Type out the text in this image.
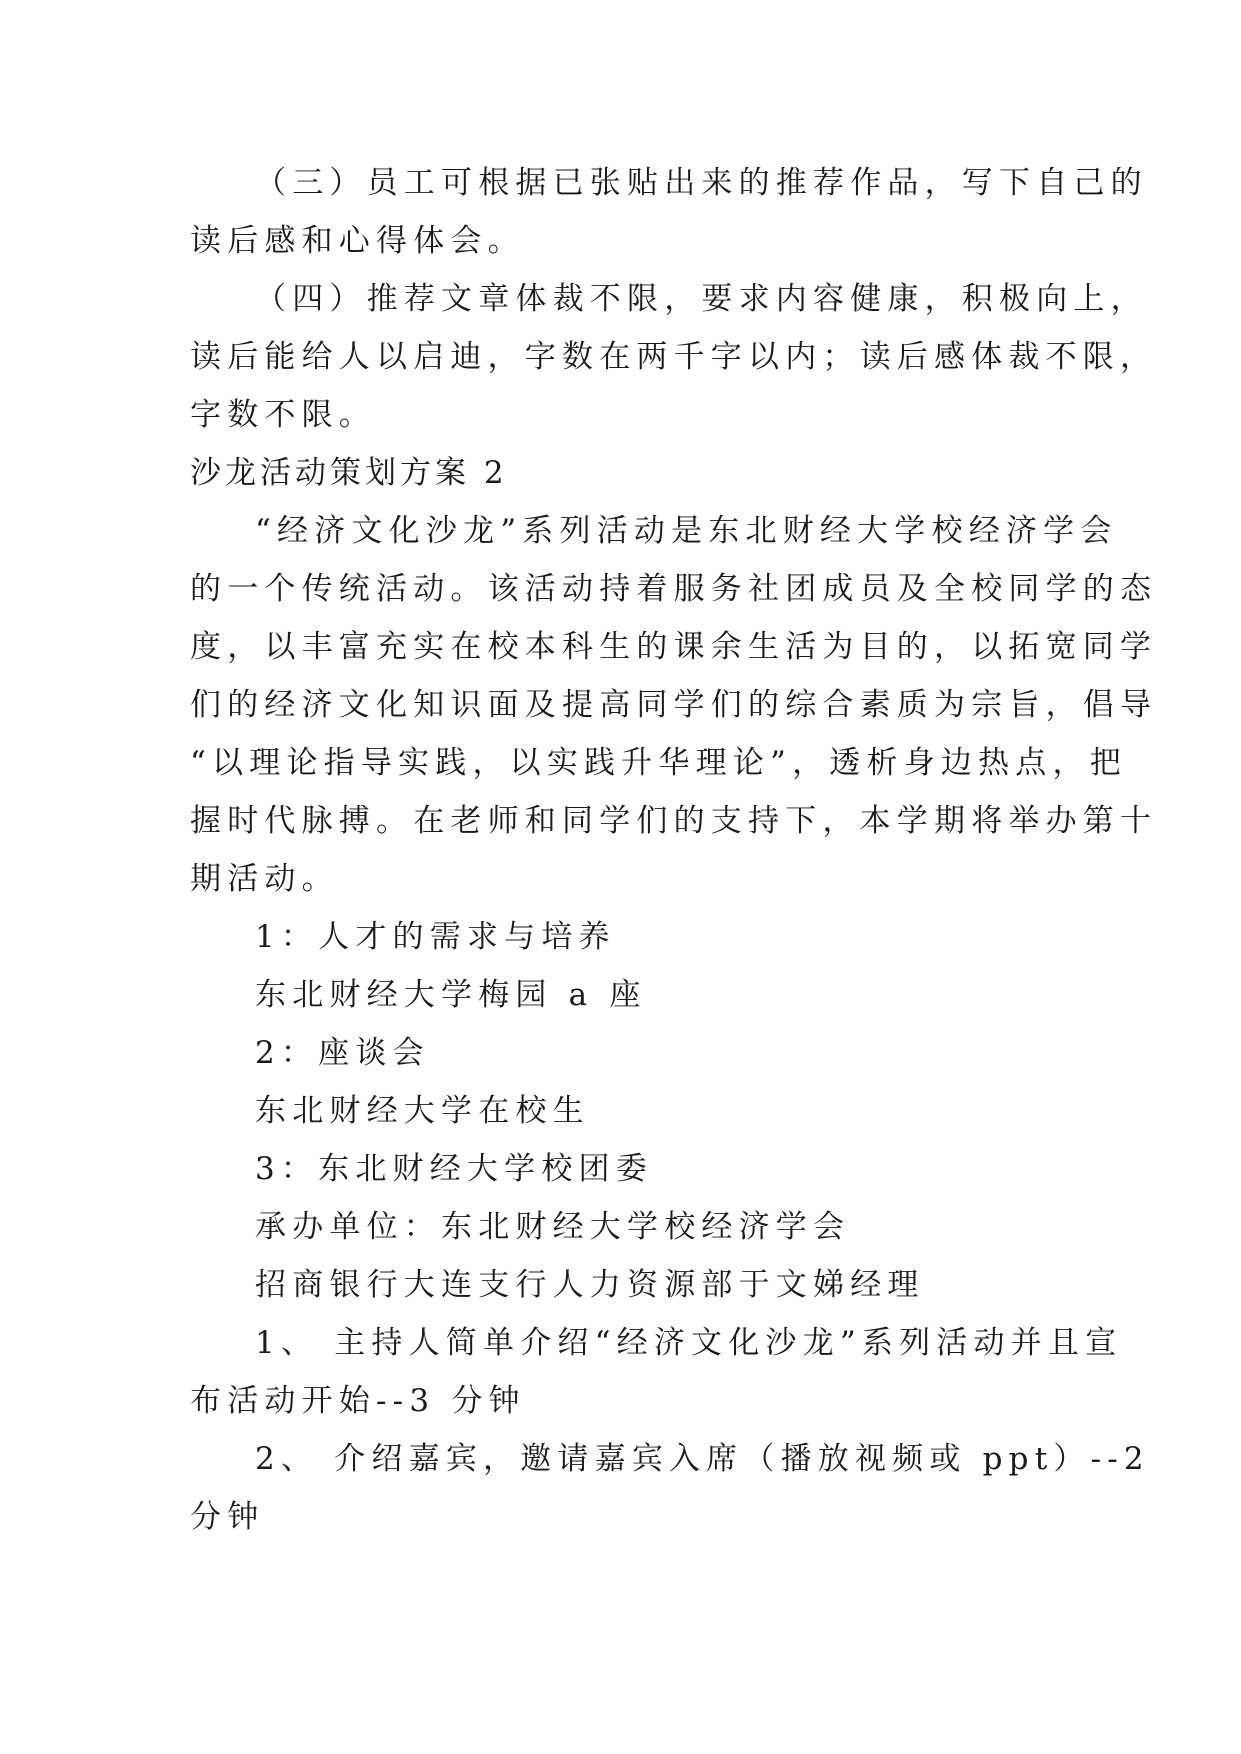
（三）员工可根据已张贴出来的推荐作品，写下自己的
读后感和心得体会。
（四）推荐文章体裁不限，要求内容健康，积极向上，
读后能给人以启迪，字数在两千字以内；读后感体裁不限，
字数不限。
沙龙活动策划方案 2
“经济文化沙龙”系列活动是东北财经大学校经济学会
的一个传统活动。该活动持着服务社团成员及全校同学的态
度，以丰富充实在校本科生的课余生活为目的，以拓宽同学
们的经济文化知识面及提高同学们的综合素质为宗旨，倡导
“以理论指导实践，以实践升华理论”，透析身边热点，把
握时代脉搏。在老师和同学们的支持下，本学期将举办第十
期活动。
1：人才的需求与培养
东北财经大学梅园 a 座
2：座谈会
东北财经大学在校生
3：东北财经大学校团委
承办单位：东北财经大学校经济学会
招商银行大连支行人力资源部于文娣经理
1、 主持人简单介绍“经济文化沙龙”系列活动并且宣
布活动开始--3 分钟
2、 介绍嘉宾，邀请嘉宾入席（播放视频或 ppt）--2
分钟
